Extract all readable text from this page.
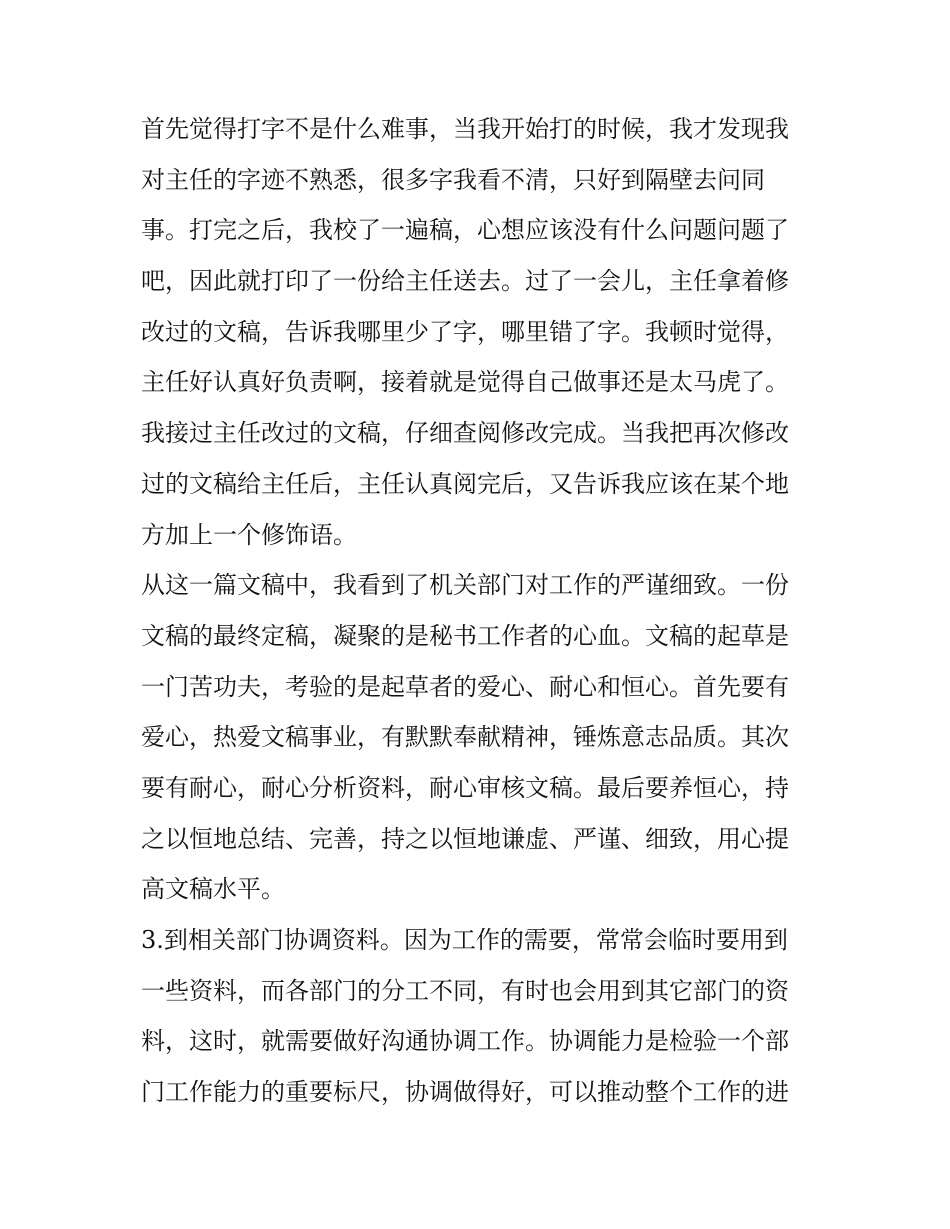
首先觉得打字不是什么难事，当我开始打的时候，我才发现我
对主任的字迹不熟悉，很多字我看不清，只好到隔壁去问同
事。打完之后，我校了一遍稿，心想应该没有什么问题问题了
吧，因此就打印了一份给主任送去。过了一会儿，主任拿着修
改过的文稿，告诉我哪里少了字，哪里错了字。我顿时觉得，
主任好认真好负责啊，接着就是觉得自己做事还是太马虎了。
我接过主任改过的文稿，仔细查阅修改完成。当我把再次修改
过的文稿给主任后，主任认真阅完后，又告诉我应该在某个地
方加上一个修饰语。
从这一篇文稿中，我看到了机关部门对工作的严谨细致。一份
文稿的最终定稿，凝聚的是秘书工作者的心血。文稿的起草是
一门苦功夫，考验的是起草者的爱心、耐心和恒心。首先要有
爱心，热爱文稿事业，有默默奉献精神，锤炼意志品质。其次
要有耐心，耐心分析资料，耐心审核文稿。最后要养恒心，持
之以恒地总结、完善，持之以恒地谦虚、严谨、细致，用心提
高文稿水平。
3.到相关部门协调资料。因为工作的需要，常常会临时要用到
一些资料，而各部门的分工不同，有时也会用到其它部门的资
料，这时，就需要做好沟通协调工作。协调能力是检验一个部
门工作能力的重要标尺，协调做得好，可以推动整个工作的进
